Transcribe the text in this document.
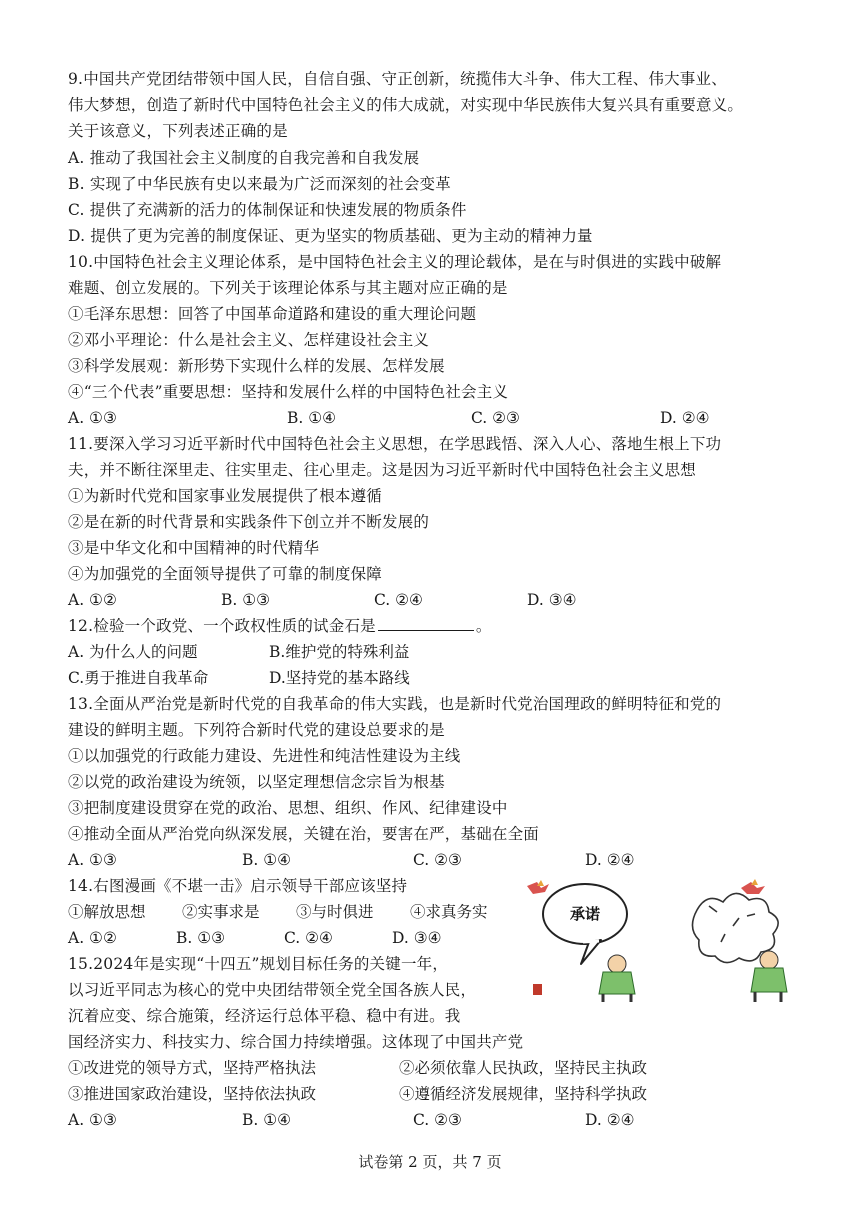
9.中国共产党团结带领中国人民，自信自强、守正创新，统揽伟大斗争、伟大工程、伟大事业、
伟大梦想，创造了新时代中国特色社会主义的伟大成就，对实现中华民族伟大复兴具有重要意义。
关于该意义，下列表述正确的是
A. 推动了我国社会主义制度的自我完善和自我发展
B. 实现了中华民族有史以来最为广泛而深刻的社会变革
C. 提供了充满新的活力的体制保证和快速发展的物质条件
D. 提供了更为完善的制度保证、更为坚实的物质基础、更为主动的精神力量
10.中国特色社会主义理论体系，是中国特色社会主义的理论载体，是在与时俱进的实践中破解
难题、创立发展的。下列关于该理论体系与其主题对应正确的是
①毛泽东思想：回答了中国革命道路和建设的重大理论问题
②邓小平理论：什么是社会主义、怎样建设社会主义
③科学发展观：新形势下实现什么样的发展、怎样发展
④“三个代表”重要思想：坚持和发展什么样的中国特色社会主义
A. ①③	B. ①④	C. ②③	D. ②④
11.要深入学习习近平新时代中国特色社会主义思想，在学思践悟、深入人心、落地生根上下功
夫，并不断往深里走、往实里走、往心里走。这是因为习近平新时代中国特色社会主义思想
①为新时代党和国家事业发展提供了根本遵循
②是在新的时代背景和实践条件下创立并不断发展的
③是中华文化和中国精神的时代精华
④为加强党的全面领导提供了可靠的制度保障
A. ①②	B. ①③	C. ②④	D. ③④
12.检验一个政党、一个政权性质的试金石是	。
A. 为什么人的问题	B.维护党的特殊利益
C.勇于推进自我革命	D.坚持党的基本路线
13.全面从严治党是新时代党的自我革命的伟大实践，也是新时代党治国理政的鲜明特征和党的
建设的鲜明主题。下列符合新时代党的建设总要求的是
①以加强党的行政能力建设、先进性和纯洁性建设为主线
②以党的政治建设为统领，以坚定理想信念宗旨为根基
③把制度建设贯穿在党的政治、思想、组织、作风、纪律建设中
④推动全面从严治党向纵深发展，关键在治，要害在严，基础在全面
A. ①③	B. ①④	C. ②③	D. ②④
14.右图漫画《不堪一击》启示领导干部应该坚持
①解放思想 ②实事求是 ③与时俱进 ④求真务实
A. ①②	B. ①③	C. ②④	D. ③④
承诺
15.2024年是实现“十四五”规划目标任务的关键一年，
以习近平同志为核心的党中央团结带领全党全国各族人民，
沉着应变、综合施策，经济运行总体平稳、稳中有进。我
国经济实力、科技实力、综合国力持续增强。这体现了中国共产党
①改进党的领导方式，坚持严格执法	②必须依靠人民执政，坚持民主执政
③推进国家政治建设，坚持依法执政	④遵循经济发展规律，坚持科学执政
A. ①③	B. ①④	C. ②③	D. ②④
试卷第 2 页，共 7 页
